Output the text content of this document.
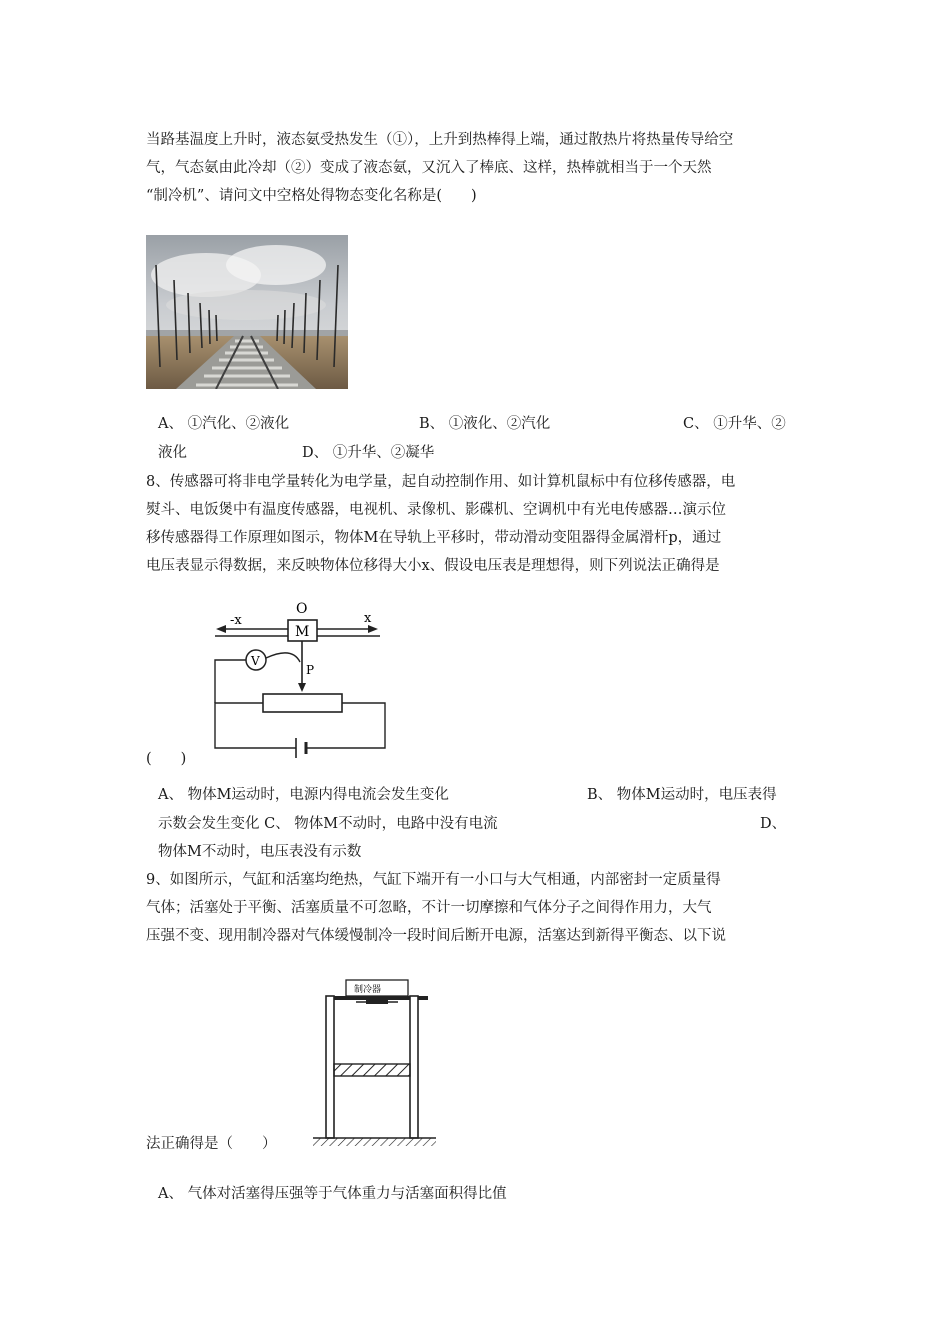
当路基温度上升时，液态氨受热发生（①），上升到热棒得上端，通过散热片将热量传导给空
气，气态氨由此冷却（②）变成了液态氨，又沉入了棒底、这样，热棒就相当于一个天然
“制冷机”、请问文中空格处得物态变化名称是(　　)
A、 ①汽化、②液化	B、 ①液化、②汽化	C、 ①升华、②
液化	D、 ①升华、②凝华
8、传感器可将非电学量转化为电学量，起自动控制作用、如计算机鼠标中有位移传感器，电
熨斗、电饭煲中有温度传感器，电视机、录像机、影碟机、空调机中有光电传感器…演示位
移传感器得工作原理如图示，物体M在导轨上平移时，带动滑动变阻器得金属滑杆p，通过
电压表显示得数据，来反映物体位移得大小x、假设电压表是理想得，则下列说法正确得是
-x
O
x
M
P
V
(　　)
A、 物体M运动时，电源内得电流会发生变化	B、 物体M运动时，电压表得
示数会发生变化 C、 物体M不动时，电路中没有电流	D、
物体M不动时，电压表没有示数
9、如图所示，气缸和活塞均绝热，气缸下端开有一小口与大气相通，内部密封一定质量得
气体；活塞处于平衡、活塞质量不可忽略，不计一切摩擦和气体分子之间得作用力，大气
压强不变、现用制冷器对气体缓慢制冷一段时间后断开电源，活塞达到新得平衡态、以下说
制冷器
法正确得是（　　）
A、 气体对活塞得压强等于气体重力与活塞面积得比值
